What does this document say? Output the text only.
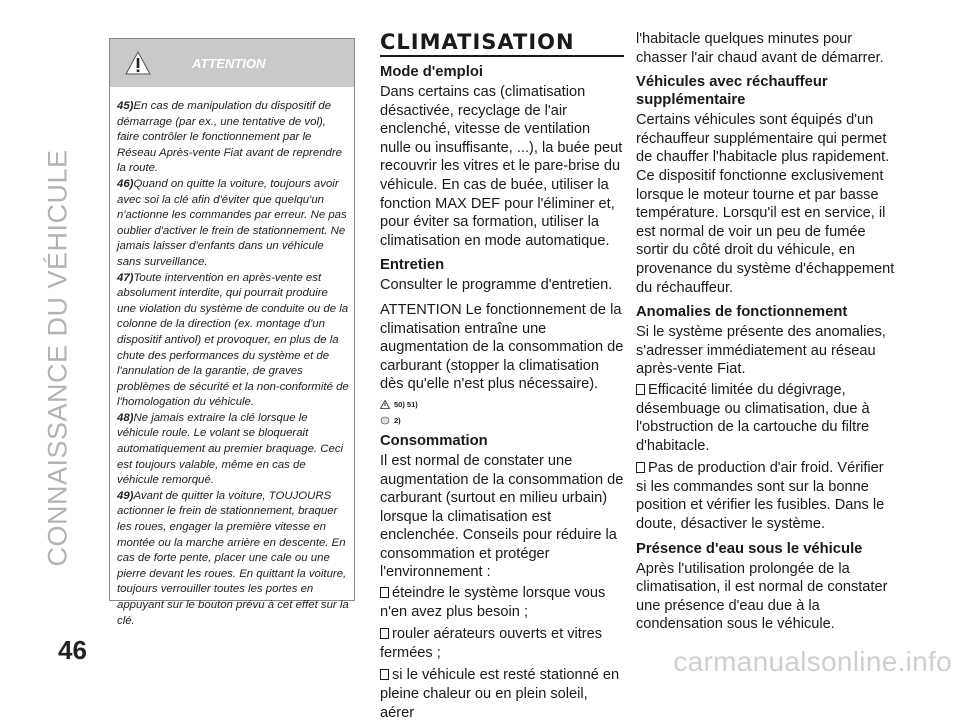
CONNAISSANCE DU VÉHICULE
46	carmanualsonline.info
ATTENTION

45)En cas de manipulation du dispositif de démarrage (par ex., une tentative de vol), faire contrôler le fonctionnement par le Réseau Après-vente Fiat avant de reprendre la route.

46)Quand on quitte la voiture, toujours avoir avec soi la clé afin d'éviter que quelqu'un n'actionne les commandes par erreur. Ne pas oublier d'activer le frein de stationnement. Ne jamais laisser d'enfants dans un véhicule sans surveillance.

47)Toute intervention en après-vente est absolument interdite, qui pourrait produire une violation du système de conduite ou de la colonne de la direction (ex. montage d'un dispositif antivol) et provoquer, en plus de la chute des performances du système et de l'annulation de la garantie, de graves problèmes de sécurité et la non-conformité de l'homologation du véhicule.

48)Ne jamais extraire la clé lorsque le véhicule roule. Le volant se bloquerait automatiquement au premier braquage. Ceci est toujours valable, même en cas de véhicule remorqué.

49)Avant de quitter la voiture, TOUJOURS actionner le frein de stationnement, braquer les roues, engager la première vitesse en montée ou la marche arrière en descente. En cas de forte pente, placer une cale ou une pierre devant les roues. En quittant la voiture, toujours verrouiller toutes les portes en appuyant sur le bouton prévu à cet effet sur la clé.

CLIMATISATION
Mode d'emploi

Dans certains cas (climatisation désactivée, recyclage de l'air enclenché, vitesse de ventilation nulle ou insuffisante, ...), la buée peut recouvrir les vitres et le pare-brise du véhicule. En cas de buée, utiliser la fonction MAX DEF pour l'éliminer et, pour éviter sa formation, utiliser la climatisation en mode automatique.

Entretien

Consulter le programme d'entretien.

ATTENTION Le fonctionnement de la climatisation entraîne une augmentation de la consommation de carburant (stopper la climatisation dès qu'elle n'est plus nécessaire).

50) 51)
2)
Consommation

Il est normal de constater une augmentation de la consommation de carburant (surtout en milieu urbain) lorsque la climatisation est enclenchée. Conseils pour réduire la consommation et protéger l'environnement :

éteindre le système lorsque vous n'en avez plus besoin ;
rouler aérateurs ouverts et vitres fermées ;
si le véhicule est resté stationné en pleine chaleur ou en plein soleil, aérer

l'habitacle quelques minutes pour chasser l'air chaud avant de démarrer.

Véhicules avec réchauffeur supplémentaire

Certains véhicules sont équipés d'un réchauffeur supplémentaire qui permet de chauffer l'habitacle plus rapidement. Ce dispositif fonctionne exclusivement lorsque le moteur tourne et par basse température. Lorsqu'il est en service, il est normal de voir un peu de fumée sortir du côté droit du véhicule, en provenance du système d'échappement du réchauffeur.

Anomalies de fonctionnement

Si le système présente des anomalies, s'adresser immédiatement au réseau après-vente Fiat.

Efficacité limitée du dégivrage, désembuage ou climatisation, due à l'obstruction de la cartouche du filtre d'habitacle.
Pas de production d'air froid. Vérifier si les commandes sont sur la bonne position et vérifier les fusibles. Dans le doute, désactiver le système.
Présence d'eau sous le véhicule

Après l'utilisation prolongée de la climatisation, il est normal de constater une présence d'eau due à la condensation sous le véhicule.
